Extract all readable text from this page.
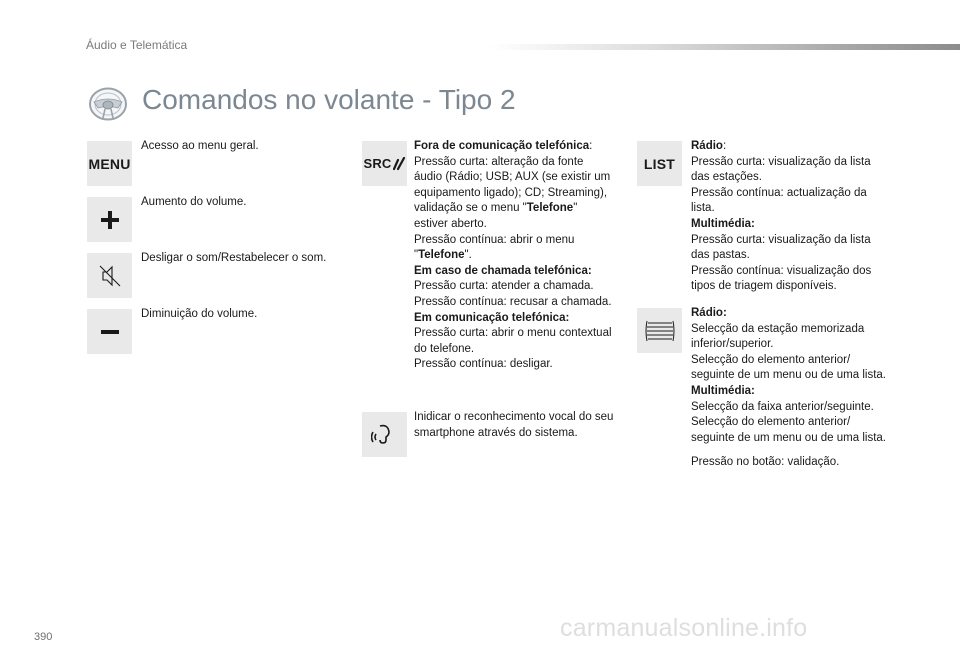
Áudio e Telemática
Comandos no volante - Tipo 2
MENU
Acesso ao menu geral.
Aumento do volume.
Desligar o som/Restabelecer o som.
Diminuição do volume.
SRC

Fora de comunicação telefónica:

Pressão curta: alteração da fonte áudio (Rádio; USB; AUX (se existir um equipamento ligado); CD; Streaming), validação se o menu "Telefone" estiver aberto.

Pressão contínua: abrir o menu "Telefone".

Em caso de chamada telefónica:

Pressão curta: atender a chamada.

Pressão contínua: recusar a chamada.

Em comunicação telefónica:

Pressão curta: abrir o menu contextual do telefone.

Pressão contínua: desligar.

Inidicar o reconhecimento vocal do seu smartphone através do sistema.
LIST

Rádio:

Pressão curta: visualização da lista das estações.

Pressão contínua: actualização da lista.

Multimédia:

Pressão curta: visualização da lista das pastas.

Pressão contínua: visualização dos tipos de triagem disponíveis.

Rádio:

Selecção da estação memorizada inferior/superior.

Selecção do elemento anterior/ seguinte de um menu ou de uma lista.

Multimédia:

Selecção da faixa anterior/seguinte.

Selecção do elemento anterior/ seguinte de um menu ou de uma lista.

Pressão no botão: validação.

390	carmanualsonline.info
